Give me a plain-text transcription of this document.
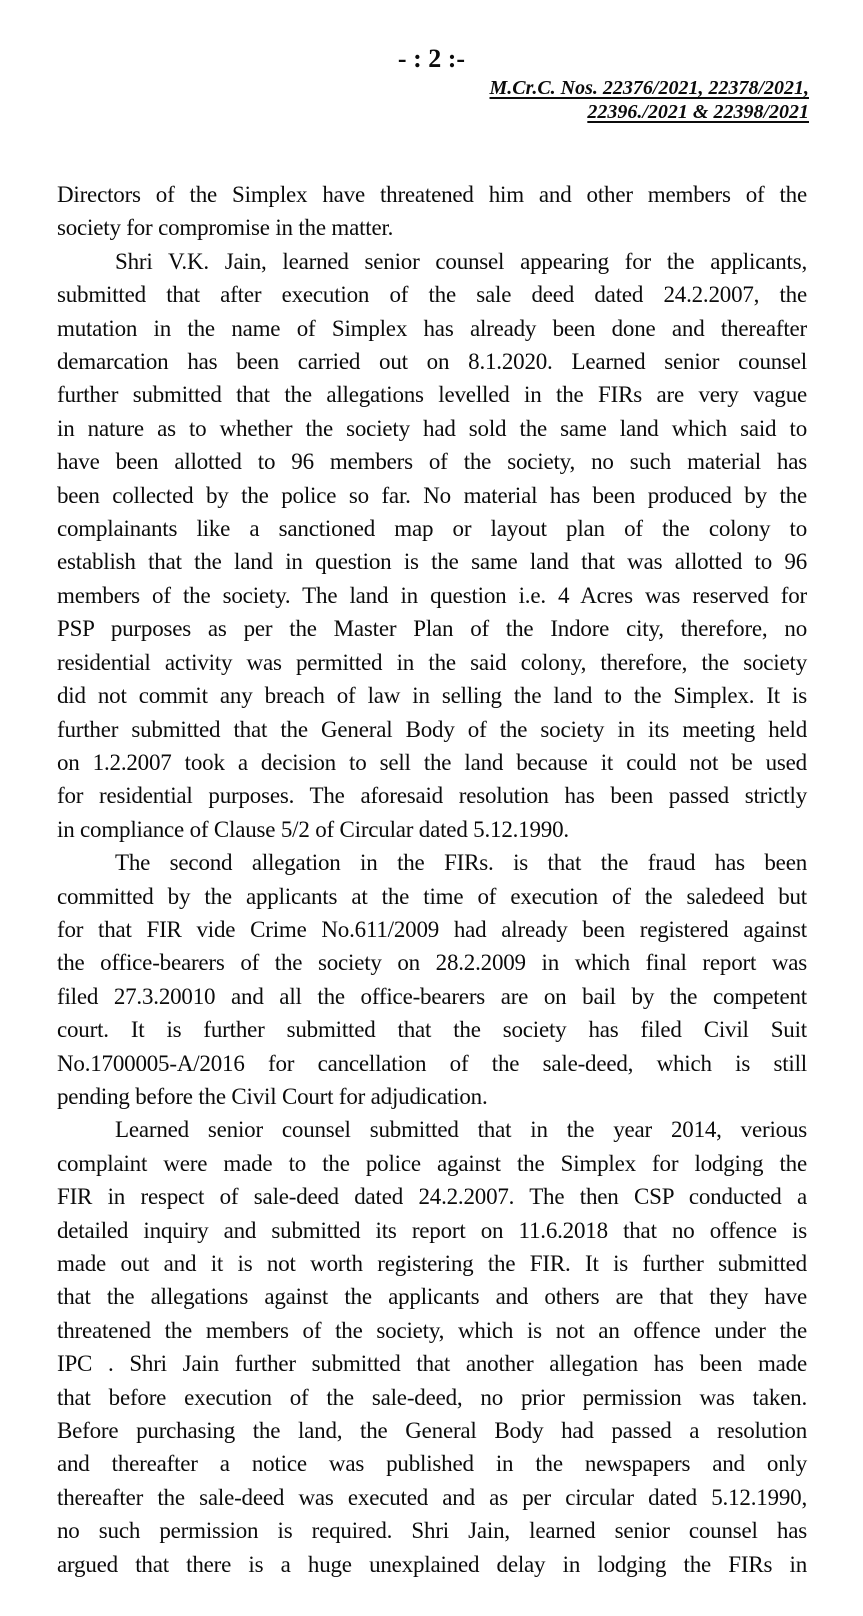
- : 2 :-
M.Cr.C. Nos. 22376/2021, 22378/2021,
22396./2021 & 22398/2021

Directors of the Simplex have threatened him and other members of the
society for compromise in the matter.

Shri V.K. Jain, learned senior counsel appearing for the applicants,
submitted that after execution of the sale deed dated 24.2.2007, the
mutation in the name of Simplex has already been done and thereafter
demarcation has been carried out on 8.1.2020. Learned senior counsel
further submitted that the allegations levelled in the FIRs are very vague
in nature as to whether the society had sold the same land which said to
have been allotted to 96 members of the society, no such material has
been collected by the police so far. No material has been produced by the
complainants like a sanctioned map or layout plan of the colony to
establish that the land in question is the same land that was allotted to 96
members of the society. The land in question i.e. 4 Acres was reserved for
PSP purposes as per the Master Plan of the Indore city, therefore, no
residential activity was permitted in the said colony, therefore, the society
did not commit any breach of law in selling the land to the Simplex. It is
further submitted that the General Body of the society in its meeting held
on 1.2.2007 took a decision to sell the land because it could not be used
for residential purposes. The aforesaid resolution has been passed strictly
in compliance of Clause 5/2 of Circular dated 5.12.1990.

The second allegation in the FIRs. is that the fraud has been
committed by the applicants at the time of execution of the saledeed but
for that FIR vide Crime No.611/2009 had already been registered against
the office-bearers of the society on 28.2.2009 in which final report was
filed 27.3.20010 and all the office-bearers are on bail by the competent
court. It is further submitted that the society has filed Civil Suit
No.1700005-A/2016 for cancellation of the sale-deed, which is still
pending before the Civil Court for adjudication.

Learned senior counsel submitted that in the year 2014, verious
complaint were made to the police against the Simplex for lodging the
FIR in respect of sale-deed dated 24.2.2007. The then CSP conducted a
detailed inquiry and submitted its report on 11.6.2018 that no offence is
made out and it is not worth registering the FIR. It is further submitted
that the allegations against the applicants and others are that they have
threatened the members of the society, which is not an offence under the
IPC . Shri Jain further submitted that another allegation has been made
that before execution of the sale-deed, no prior permission was taken.
Before purchasing the land, the General Body had passed a resolution
and thereafter a notice was published in the newspapers and only
thereafter the sale-deed was executed and as per circular dated 5.12.1990,
no such permission is required. Shri Jain, learned senior counsel has
argued that there is a huge unexplained delay in lodging the FIRs in
